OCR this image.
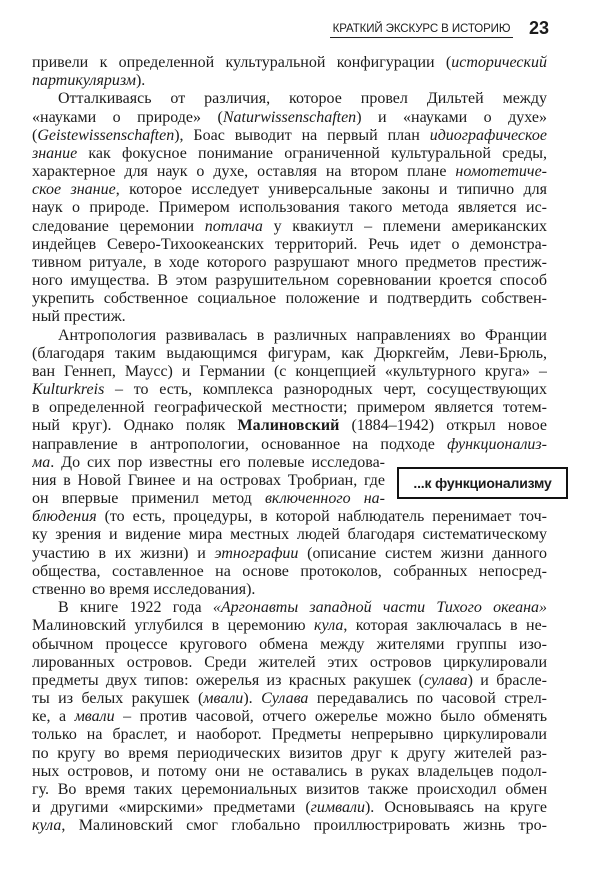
КРАТКИЙ ЭКСКУРС В ИСТОРИЮ 23
привели к определенной культуральной конфигурации (исторический
партикуляризм).
Отталкиваясь от различия, которое провел Дильтей между
«науками о природе» (Naturwissenschaften) и «науками о духе»
(Geistewissenschaften), Боас выводит на первый план идиографическое
знание как фокусное понимание ограниченной культуральной среды,
характерное для наук о духе, оставляя на втором плане номотетиче-
ское знание, которое исследует универсальные законы и типично для
наук о природе. Примером использования такого метода является ис-
следование церемонии потлача у квакиутл – племени американских
индейцев Северо-Тихоокеанских территорий. Речь идет о демонстра-
тивном ритуале, в ходе которого разрушают много предметов престиж-
ного имущества. В этом разрушительном соревновании кроется способ
укрепить собственное социальное положение и подтвердить собствен-
ный престиж.
Антропология развивалась в различных направлениях во Франции
(благодаря таким выдающимся фигурам, как Дюркгейм, Леви-Брюль,
ван Геннеп, Маусс) и Германии (с концепцией «культурного круга» –
Kulturkreis – то есть, комплекса разнородных черт, сосуществующих
в определенной географической местности; примером является тотем-
ный круг). Однако поляк Малиновский (1884–1942) открыл новое
направление в антропологии, основанное на подходе функционализ-
ма. До сих пор известны его полевые исследова-
ния в Новой Гвинее и на островах Тробриан, где
он впервые применил метод включенного на-
блюдения (то есть, процедуры, в которой наблюдатель перенимает точ-
ку зрения и видение мира местных людей благодаря систематическому
участию в их жизни) и этнографии (описание систем жизни данного
общества, составленное на основе протоколов, собранных непосред-
ственно во время исследования).
В книге 1922 года «Аргонавты западной части Тихого океана»
Малиновский углубился в церемонию кула, которая заключалась в не-
обычном процессе кругового обмена между жителями группы изо-
лированных островов. Среди жителей этих островов циркулировали
предметы двух типов: ожерелья из красных ракушек (сулава) и брасле-
ты из белых ракушек (мвали). Сулава передавались по часовой стрел-
ке, а мвали – против часовой, отчего ожерелье можно было обменять
только на браслет, и наоборот. Предметы непрерывно циркулировали
по кругу во время периодических визитов друг к другу жителей раз-
ных островов, и потому они не оставались в руках владельцев подол-
гу. Во время таких церемониальных визитов также происходил обмен
и другими «мирскими» предметами (гимвали). Основываясь на круге
кула, Малиновский смог глобально проиллюстрировать жизнь тро-
...к функционализму
